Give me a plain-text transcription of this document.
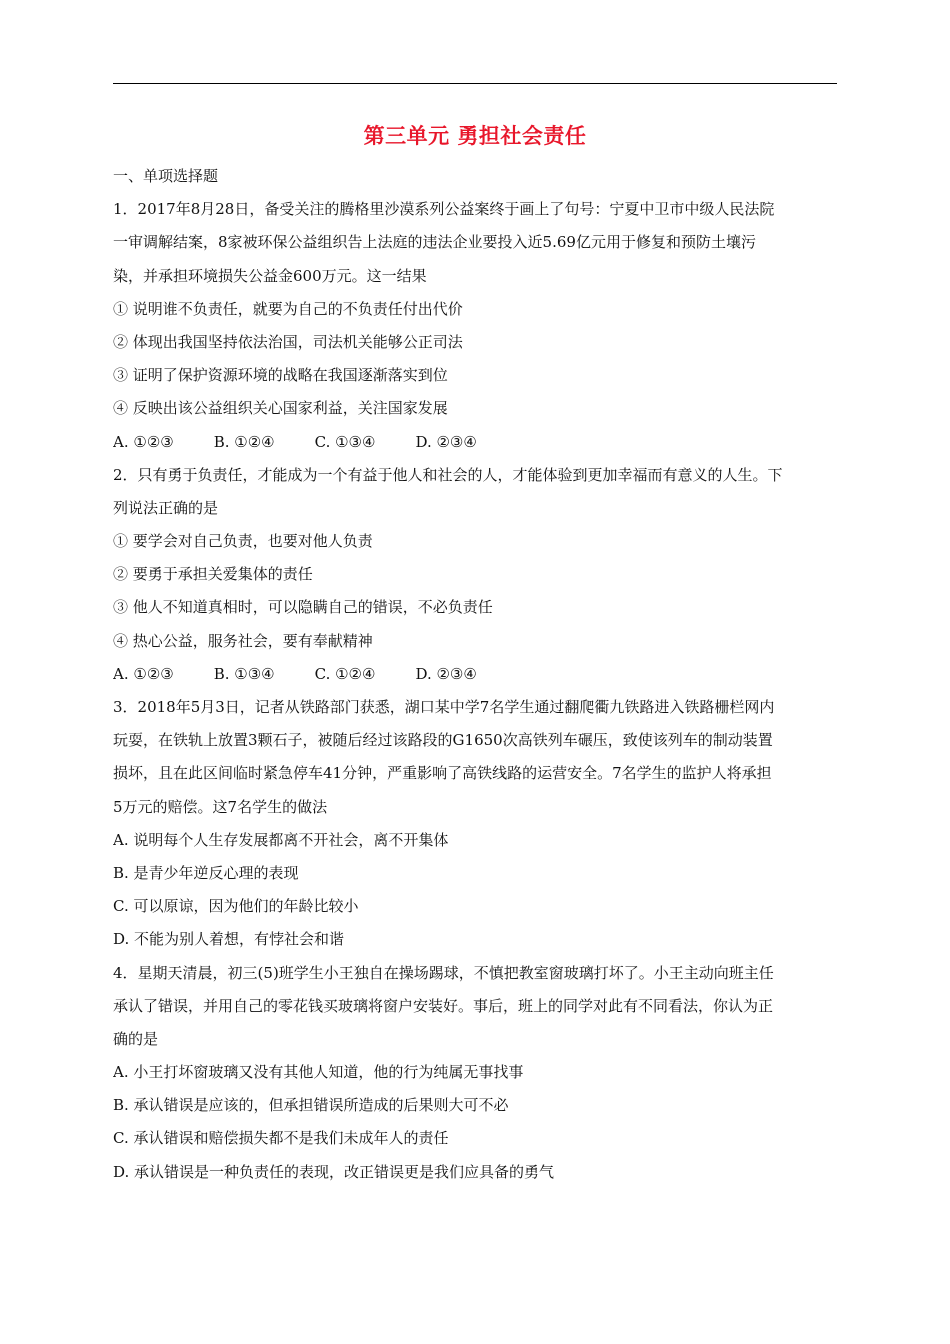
第三单元 勇担社会责任
一、单项选择题
1．2017年8月28日，备受关注的腾格里沙漠系列公益案终于画上了句号：宁夏中卫市中级人民法院
一审调解结案，8家被环保公益组织告上法庭的违法企业要投入近5.69亿元用于修复和预防土壤污
染，并承担环境损失公益金600万元。这一结果
① 说明谁不负责任，就要为自己的不负责任付出代价
② 体现出我国坚持依法治国，司法机关能够公正司法
③ 证明了保护资源环境的战略在我国逐渐落实到位
④ 反映出该公益组织关心国家利益，关注国家发展
A. ①②③	B. ①②④	C. ①③④	D. ②③④
2．只有勇于负责任，才能成为一个有益于他人和社会的人，才能体验到更加幸福而有意义的人生。下
列说法正确的是
① 要学会对自己负责，也要对他人负责
② 要勇于承担关爱集体的责任
③ 他人不知道真相时，可以隐瞒自己的错误，不必负责任
④ 热心公益，服务社会，要有奉献精神
A. ①②③	B. ①③④	C. ①②④	D. ②③④
3．2018年5月3日，记者从铁路部门获悉，湖口某中学7名学生通过翻爬衢九铁路进入铁路栅栏网内
玩耍，在铁轨上放置3颗石子，被随后经过该路段的G1650次高铁列车碾压，致使该列车的制动装置
损坏，且在此区间临时紧急停车41分钟，严重影响了高铁线路的运营安全。7名学生的监护人将承担
5万元的赔偿。这7名学生的做法
A. 说明每个人生存发展都离不开社会，离不开集体
B. 是青少年逆反心理的表现
C. 可以原谅，因为他们的年龄比较小
D. 不能为别人着想，有悖社会和谐
4．星期天清晨，初三(5)班学生小王独自在操场踢球，不慎把教室窗玻璃打坏了。小王主动向班主任
承认了错误，并用自己的零花钱买玻璃将窗户安装好。事后，班上的同学对此有不同看法，你认为正
确的是
A. 小王打坏窗玻璃又没有其他人知道，他的行为纯属无事找事
B. 承认错误是应该的，但承担错误所造成的后果则大可不必
C. 承认错误和赔偿损失都不是我们未成年人的责任
D. 承认错误是一种负责任的表现，改正错误更是我们应具备的勇气
